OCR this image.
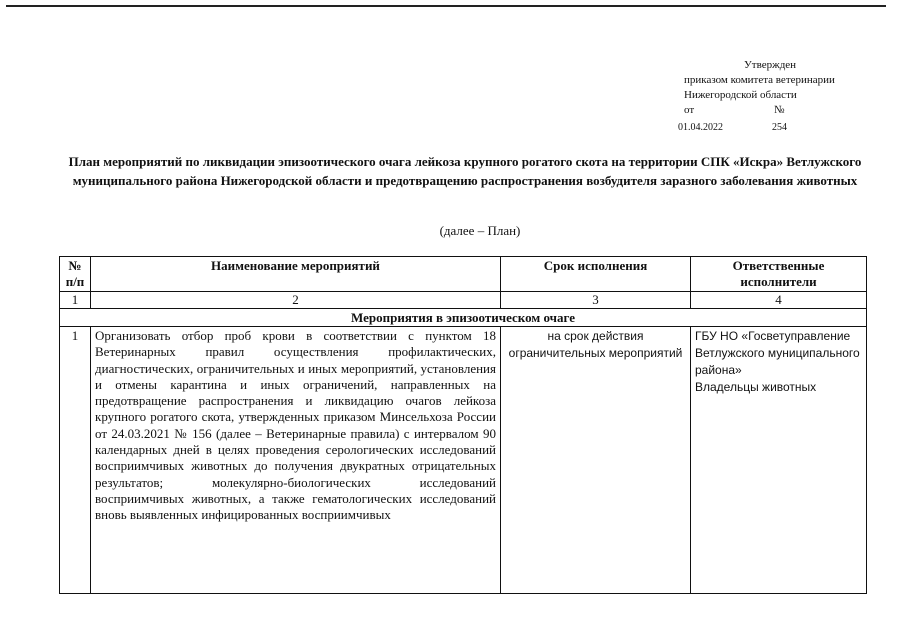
Утвержден
приказом комитета ветеринарии
Нижегородской области
от	№
01.04.2022	254
План мероприятий по ликвидации эпизоотического очага лейкоза крупного рогатого скота на территории СПК «Искра» Ветлужского муниципального района Нижегородской области и предотвращению распространения возбудителя заразного заболевания животных
(далее – План)
№ п/п	Наименование мероприятий	Срок исполнения	Ответственные исполнители
1	2	3	4
Мероприятия в эпизоотическом очаге			
1	Организовать отбор проб крови в соответствии с пунктом 18 Ветеринарных правил осуществления профилактических, диагностических, ограничительных и иных мероприятий, установления и отмены карантина и иных ограничений, направленных на предотвращение распространения и ликвидацию очагов лейкоза крупного рогатого скота, утвержденных приказом Минсельхоза России от 24.03.2021 № 156 (далее – Ветеринарные правила) с интервалом 90 календарных дней в целях проведения серологических исследований восприимчивых животных до получения двукратных отрицательных результатов; молекулярно-биологических исследований восприимчивых животных, а также гематологических исследований вновь выявленных инфицированных восприимчивых	на срок действия ограничительных мероприятий	ГБУ НО «Госветуправление Ветлужского муниципального района»
Владельцы животных
